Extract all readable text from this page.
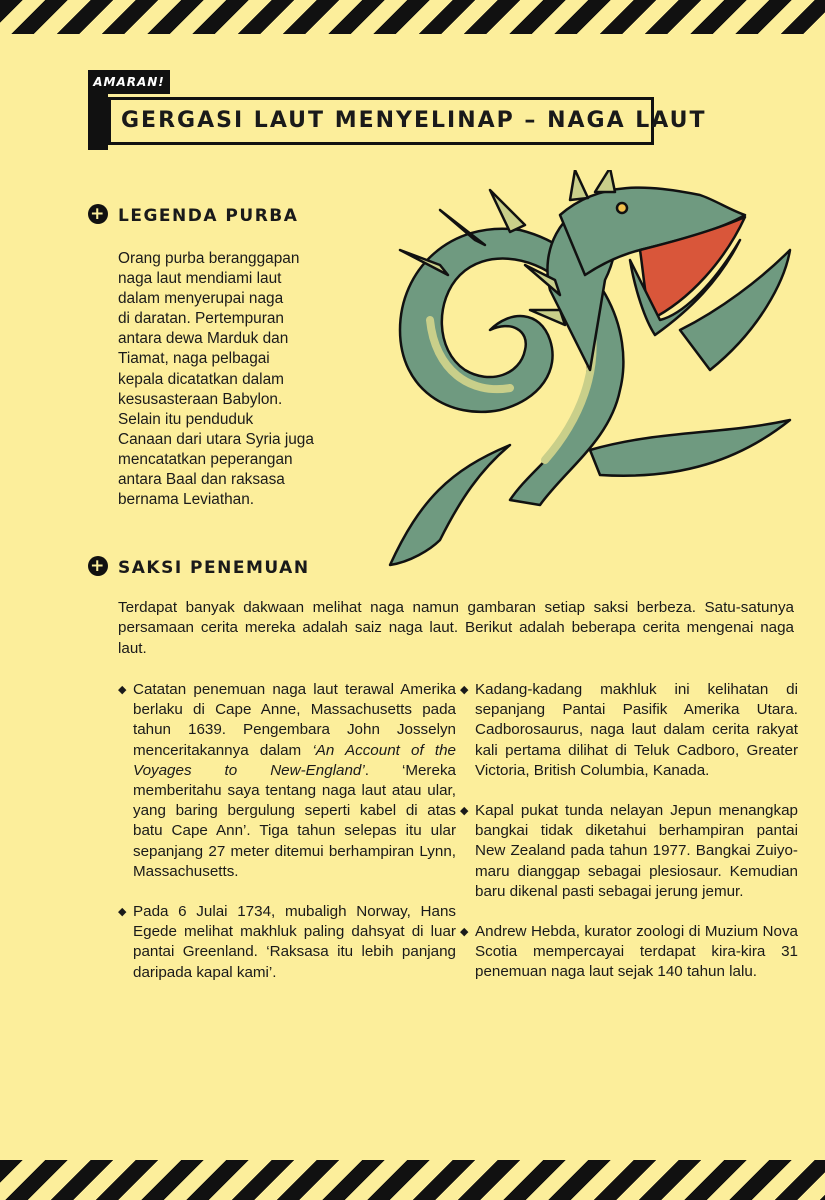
AMARAN!
GERGASI LAUT MENYELINAP – NAGA LAUT
+ LEGENDA PURBA
Orang purba beranggapan
naga laut mendiami laut
dalam menyerupai naga
di daratan. Pertempuran
antara dewa Marduk dan
Tiamat, naga pelbagai
kepala dicatatkan dalam
kesusasteraan Babylon.
Selain itu penduduk
Canaan dari utara Syria juga
mencatatkan peperangan
antara Baal dan raksasa
bernama Leviathan.
+ SAKSI PENEMUAN

Terdapat banyak dakwaan melihat naga namun gambaran setiap saksi berbeza. Satu-satunya persamaan cerita mereka adalah saiz naga laut. Berikut adalah beberapa cerita mengenai naga laut.

◆ Catatan penemuan naga laut terawal Amerika berlaku di Cape Anne, Massachusetts pada tahun 1639. Pengembara John Josselyn menceritakannya dalam ‘An Account of the Voyages to New-England’. ‘Mereka memberitahu saya tentang naga laut atau ular, yang baring bergulung seperti kabel di atas batu Cape Ann’. Tiga tahun selepas itu ular sepanjang 27 meter ditemui berhampiran Lynn, Massachusetts.
◆ Pada 6 Julai 1734, mubaligh Norway, Hans Egede melihat makhluk paling dahsyat di luar pantai Greenland. ‘Raksasa itu lebih panjang daripada kapal kami’.
◆ Kadang-kadang makhluk ini kelihatan di sepanjang Pantai Pasifik Amerika Utara. Cadborosaurus, naga laut dalam cerita rakyat kali pertama dilihat di Teluk Cadboro, Greater Victoria, British Columbia, Kanada.
◆ Kapal pukat tunda nelayan Jepun menangkap bangkai tidak diketahui berhampiran pantai New Zealand pada tahun 1977. Bangkai Zuiyo-maru dianggap sebagai plesiosaur. Kemudian baru dikenal pasti sebagai jerung jemur.
◆ Andrew Hebda, kurator zoologi di Muzium Nova Scotia mempercayai terdapat kira-kira 31 penemuan naga laut sejak 140 tahun lalu.
